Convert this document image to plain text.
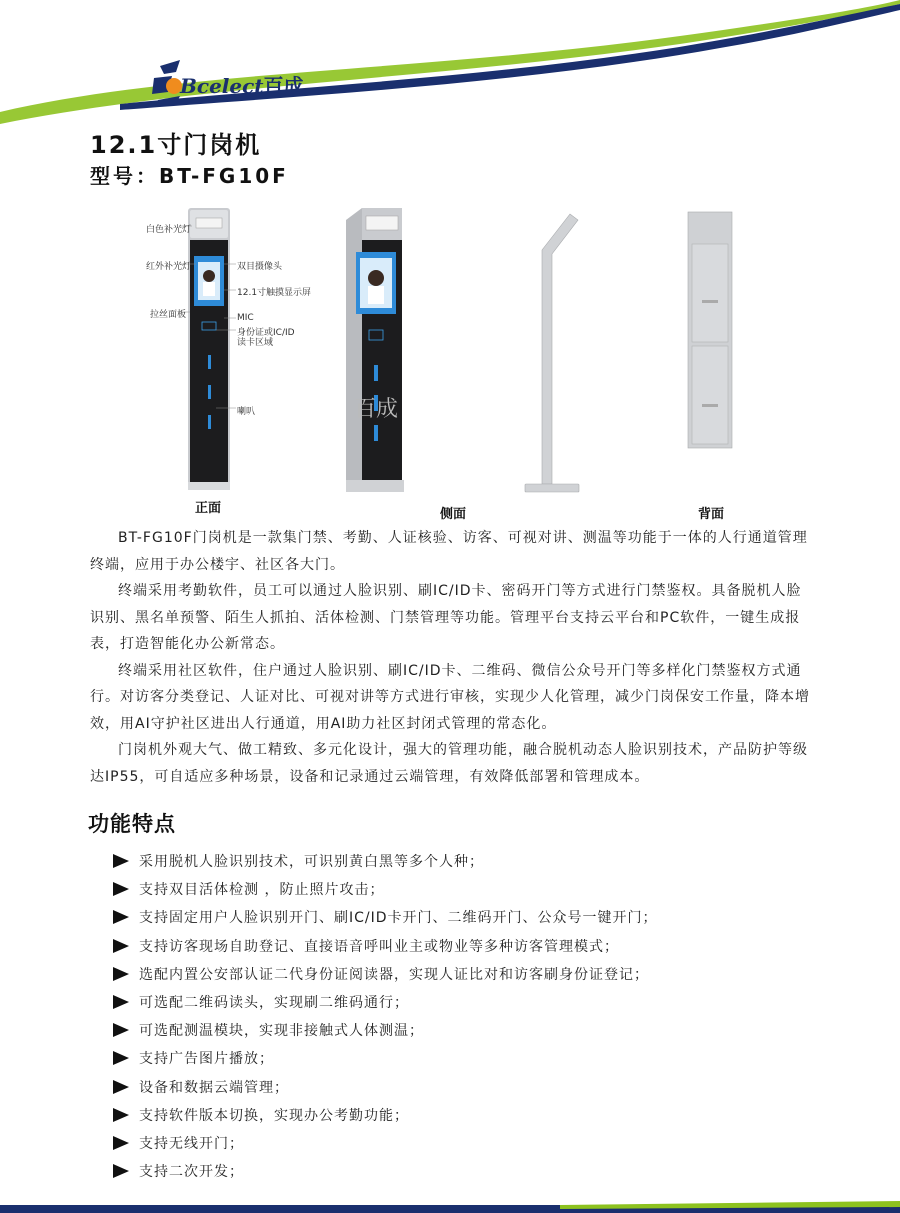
Bcelect百成
12.1寸门岗机
型号：BT-FG10F
白色补光灯
红外补光灯
拉丝面板
双目摄像头
12.1寸触摸显示屏
MIC
身份证或IC/ID
读卡区域
喇叭	百成
正面	侧面	背面

BT-FG10F门岗机是一款集门禁、考勤、人证核验、访客、可视对讲、测温等功能于一体的人行通道管理终端，应用于办公楼宇、社区各大门。

终端采用考勤软件，员工可以通过人脸识别、刷IC/ID卡、密码开门等方式进行门禁鉴权。具备脱机人脸识别、黑名单预警、陌生人抓拍、活体检测、门禁管理等功能。管理平台支持云平台和PC软件，一键生成报表，打造智能化办公新常态。

终端采用社区软件，住户通过人脸识别、刷IC/ID卡、二维码、微信公众号开门等多样化门禁鉴权方式通行。对访客分类登记、人证对比、可视对讲等方式进行审核，实现少人化管理，减少门岗保安工作量，降本增效，用AI守护社区进出人行通道，用AI助力社区封闭式管理的常态化。

门岗机外观大气、做工精致、多元化设计，强大的管理功能，融合脱机动态人脸识别技术，产品防护等级达IP55，可自适应多种场景，设备和记录通过云端管理，有效降低部署和管理成本。

功能特点
采用脱机人脸识别技术，可识别黄白黑等多个人种；
支持双目活体检测 ，防止照片攻击；
支持固定用户人脸识别开门、刷IC/ID卡开门、二维码开门、公众号一键开门；
支持访客现场自助登记、直接语音呼叫业主或物业等多种访客管理模式；
选配内置公安部认证二代身份证阅读器，实现人证比对和访客刷身份证登记；
可选配二维码读头，实现刷二维码通行；
可选配测温模块，实现非接触式人体测温；
支持广告图片播放；
设备和数据云端管理；
支持软件版本切换，实现办公考勤功能；
支持无线开门；
支持二次开发；
